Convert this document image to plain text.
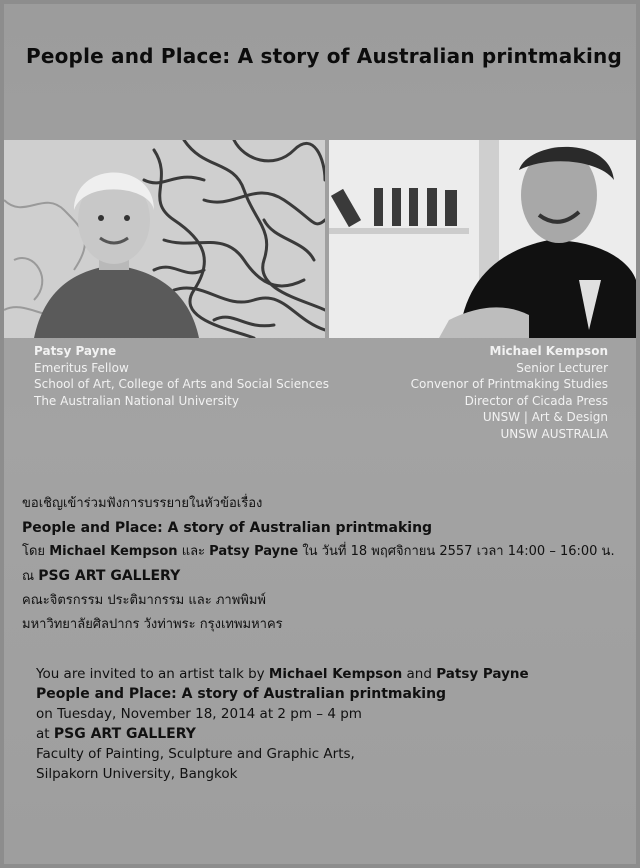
People and Place: A story of Australian printmaking
Patsy Payne
Emeritus Fellow
School of Art, College of Arts and Social Sciences
The Australian National University
Michael Kempson
Senior Lecturer
Convenor of Printmaking Studies
Director of Cicada Press
UNSW | Art & Design
UNSW AUSTRALIA
ขอเชิญเข้าร่วมฟังการบรรยายในหัวข้อเรื่อง
People and Place: A story of Australian printmaking
โดย Michael Kempson และ Patsy Payne ใน วันที่ 18 พฤศจิกายน 2557 เวลา 14:00 – 16:00 น.
ณ PSG ART GALLERY
คณะจิตรกรรม ประติมากรรม และ ภาพพิมพ์
มหาวิทยาลัยศิลปากร วังท่าพระ กรุงเทพมหาคร
You are invited to an artist talk by Michael Kempson and Patsy Payne
People and Place: A story of Australian printmaking
on Tuesday, November 18, 2014 at 2 pm – 4 pm
at PSG ART GALLERY
Faculty of Painting, Sculpture and Graphic Arts,
Silpakorn University, Bangkok
